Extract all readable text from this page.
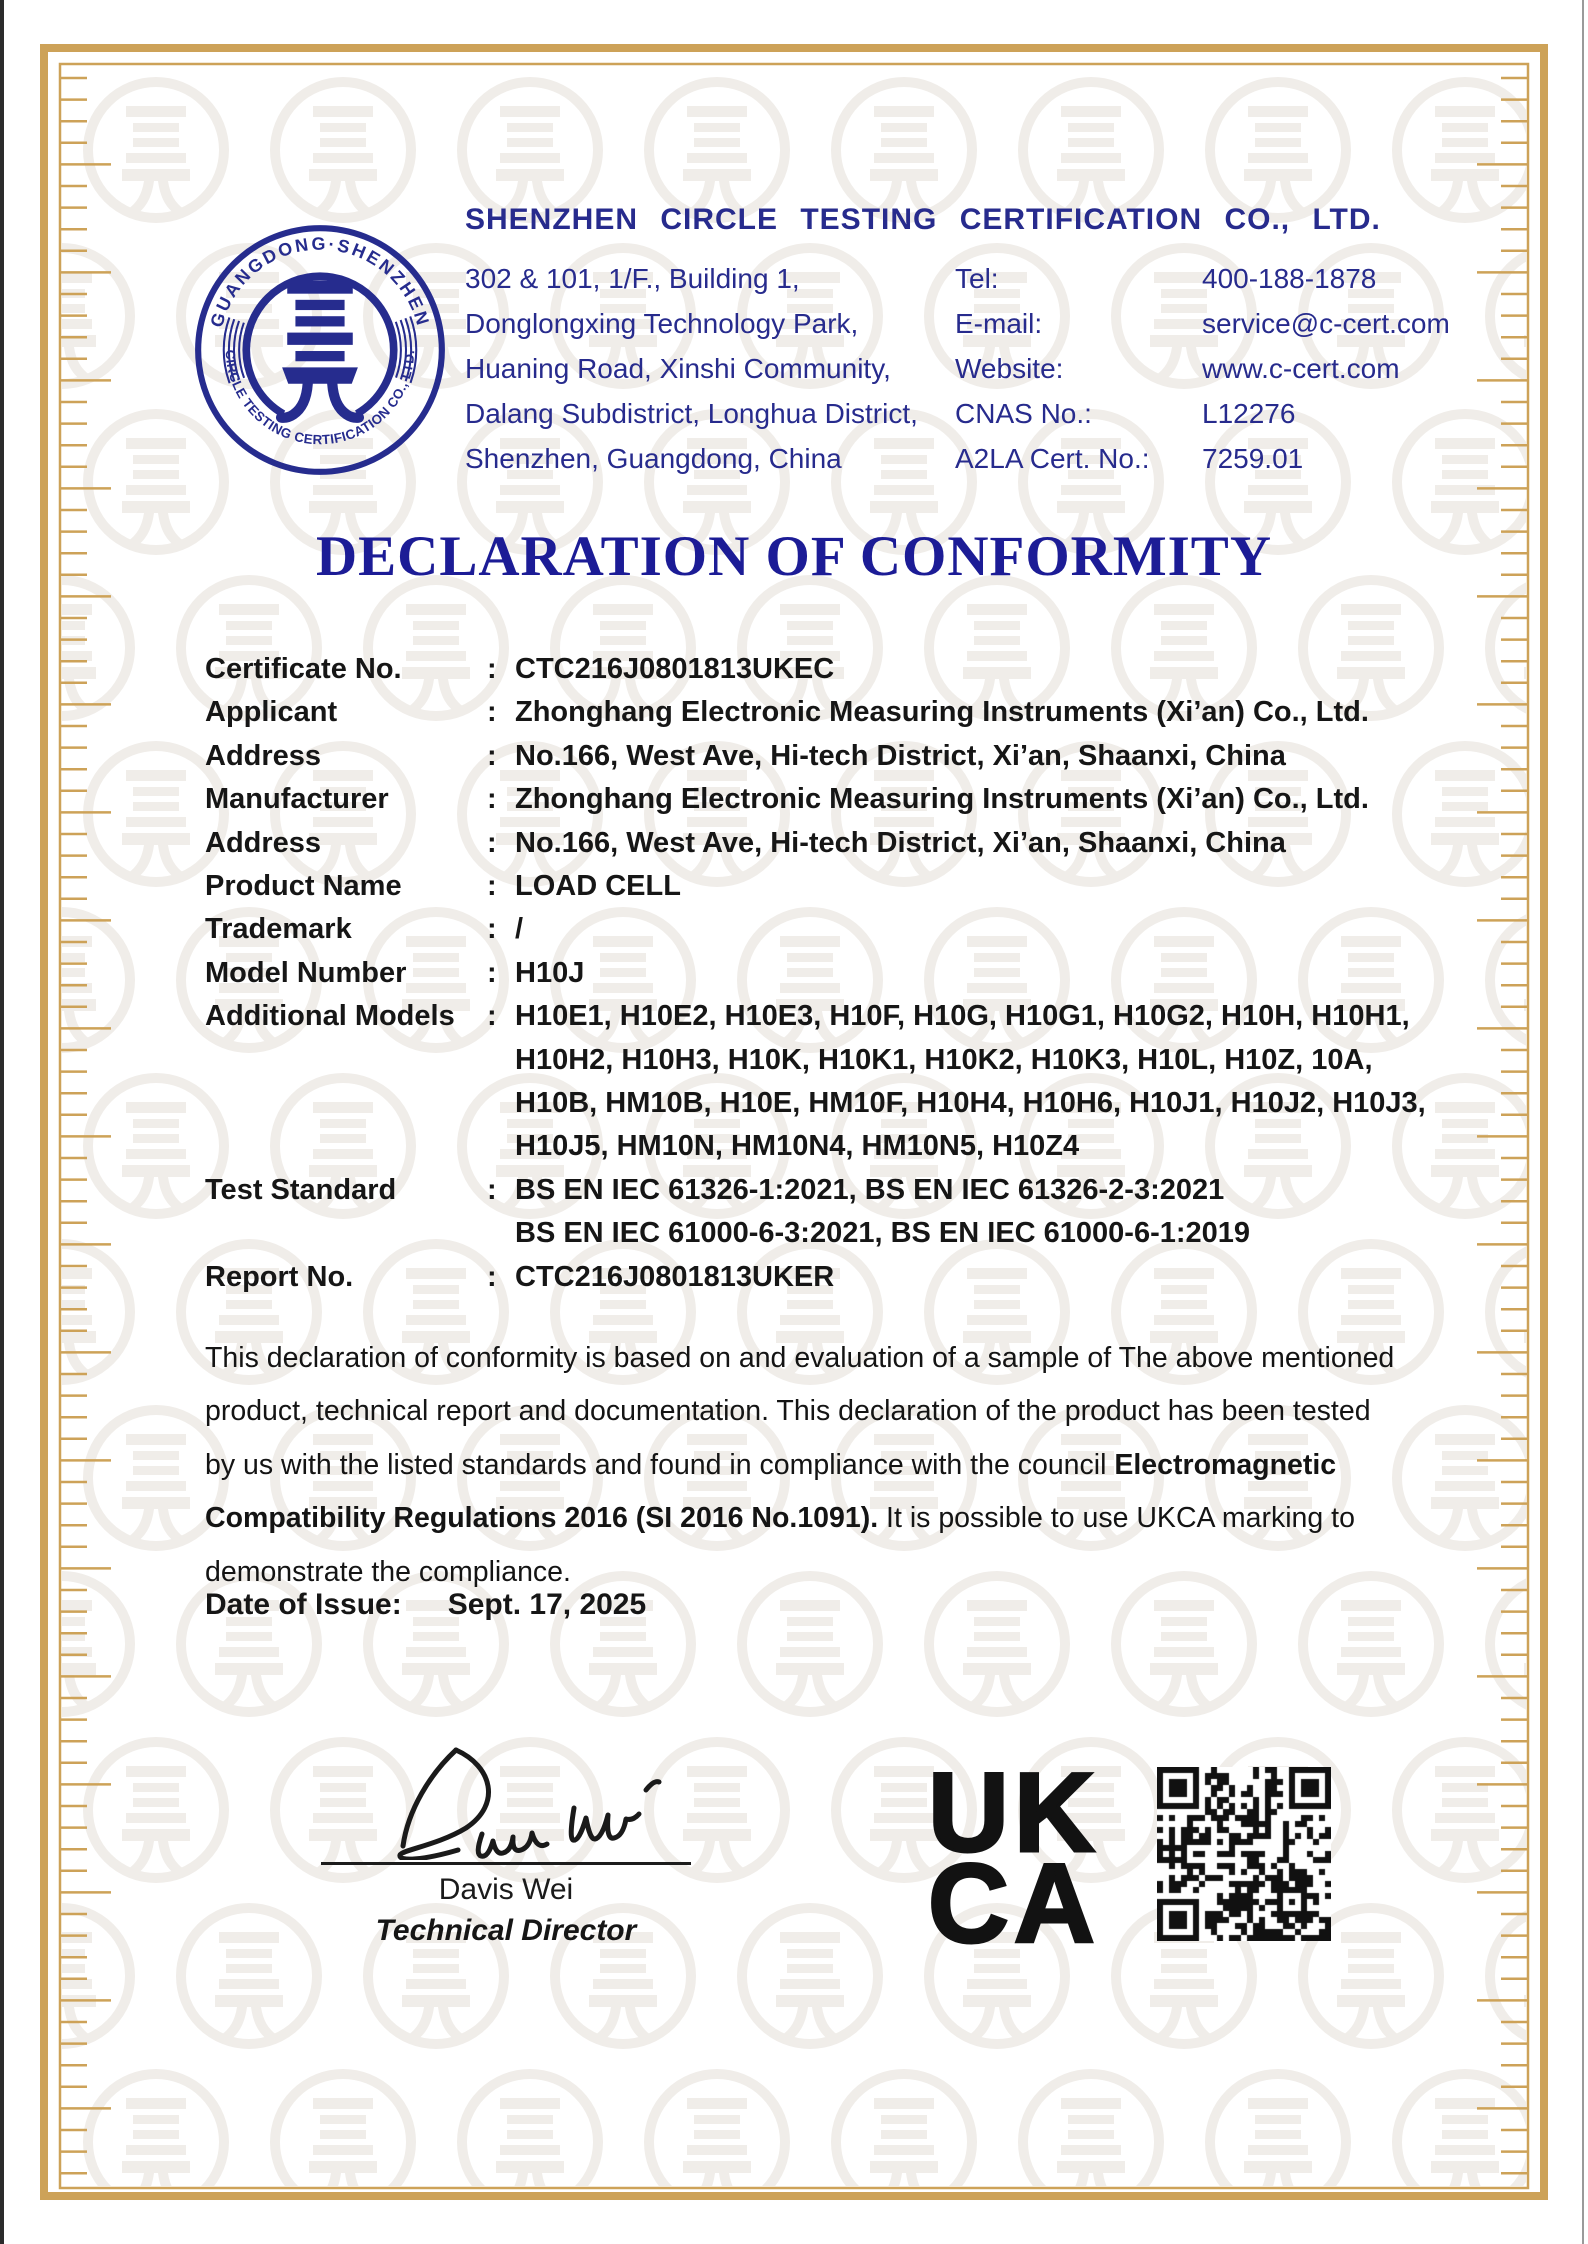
GUANGDONG·SHENZHEN
CIRCLE TESTING CERTIFICATION CO., LTD.
SHENZHEN CIRCLE TESTING CERTIFICATION CO., LTD.
302 & 101, 1/F., Building 1,
Donglongxing Technology Park,
Huaning Road, Xinshi Community,
Dalang Subdistrict, Longhua District,
Shenzhen, Guangdong, China
Tel:	400-188-1878
E-mail:	service@c-cert.com
Website:	www.c-cert.com
CNAS No.:	L12276
A2LA Cert. No.:	7259.01
DECLARATION OF CONFORMITY
Certificate No.	: CTC216J0801813UKEC
Applicant	: Zhonghang Electronic Measuring Instruments (Xi’an) Co., Ltd.
Address	: No.166, West Ave, Hi-tech District, Xi’an, Shaanxi, China
Manufacturer	: Zhonghang Electronic Measuring Instruments (Xi’an) Co., Ltd.
Address	: No.166, West Ave, Hi-tech District, Xi’an, Shaanxi, China
Product Name	: LOAD CELL
Trademark	: /
Model Number	: H10J
Additional Models	: H10E1, H10E2, H10E3, H10F, H10G, H10G1, H10G2, H10H, H10H1,
H10H2, H10H3, H10K, H10K1, H10K2, H10K3, H10L, H10Z, 10A,
H10B, HM10B, H10E, HM10F, H10H4, H10H6, H10J1, H10J2, H10J3,
H10J5, HM10N, HM10N4, HM10N5, H10Z4
Test Standard	: BS EN IEC 61326-1:2021, BS EN IEC 61326-2-3:2021
BS EN IEC 61000-6-3:2021, BS EN IEC 61000-6-1:2019
Report No.	: CTC216J0801813UKER

This declaration of conformity is based on and evaluation of a sample of The above mentioned product, technical report and documentation. This declaration of the product has been tested by us with the listed standards and found in compliance with the council Electromagnetic Compatibility Regulations 2016 (SI 2016 No.1091). It is possible to use UKCA marking to demonstrate the compliance.

Date of Issue: Sept. 17, 2025
Davis Wei
Technical Director
UK
CA
